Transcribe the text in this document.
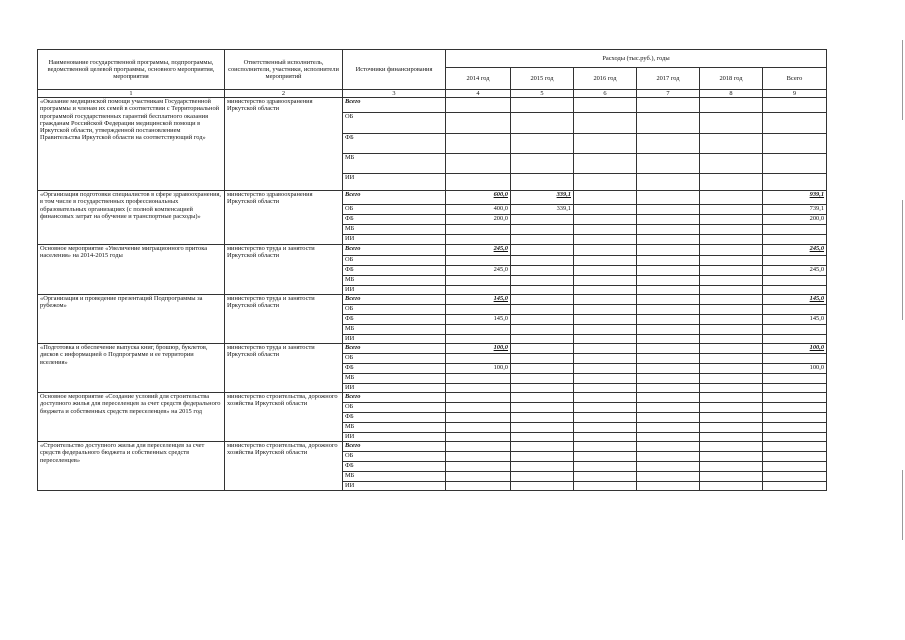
Наименование государственной программы, подпрограммы, ведомственной целевой программы, основного мероприятия, мероприятия	Ответственный исполнитель, соисполнители, участники, исполнители мероприятий	Источники финансирования	Расходы (тыс.руб.), годы					
			2014 год	2015 год	2016 год	2017 год	2018 год	Всего
1	2	3	4	5	6	7	8	9
«Оказание медицинской помощи участникам Государственной программы и членам их семей в соответствии с Территориальной программой государственных гарантий бесплатного оказания гражданам Российской Федерации медицинской помощи в Иркутской области, утвержденной постановлением Правительства Иркутской области на соответствующий год»	министерство здравоохранения Иркутской области	Всего						
		ОБ						
		ФБ						
		МБ						
		ИИ						
«Организация подготовки специалистов в сфере здравоохранения, в том числе в государственных профессиональных образовательных организациях (с полной компенсацией финансовых затрат на обучение и транспортные расходы)»	министерство здравоохранения Иркутской области	Всего	600,0	339,1				939,1
		ОБ	400,0	339,1				739,1
		ФБ	200,0					200,0
		МБ						
		ИИ						
Основное мероприятие «Увеличение миграционного притока населения» на 2014-2015 годы	министерство труда и занятости Иркутской области	Всего	245,0					245,0
		ОБ						
		ФБ	245,0					245,0
		МБ						
		ИИ						
«Организация и проведение презентаций Подпрограммы за рубежом»	министерство труда и занятости Иркутской области	Всего	145,0					145,0
		ОБ						
		ФБ	145,0					145,0
		МБ						
		ИИ						
«Подготовка и обеспечение выпуска книг, брошюр, буклетов, дисков с информацией о Подпрограмме и ее территории вселения»	министерство труда и занятости Иркутской области	Всего	100,0					100,0
		ОБ						
		ФБ	100,0					100,0
		МБ						
		ИИ						
Основное мероприятие «Создание условий для строительства доступного жилья для переселенцев за счет средств федерального бюджета и собственных средств переселенцев» на 2015 год	министерство строительства, дорожного хозяйства Иркутской области	Всего						
		ОБ						
		ФБ						
		МБ						
		ИИ						
«Строительство доступного жилья для переселенцев за счет средств федерального бюджета и собственных средств переселенцев»	министерство строительства, дорожного хозяйства Иркутской области	Всего						
		ОБ						
		ФБ						
		МБ						
		ИИ						
